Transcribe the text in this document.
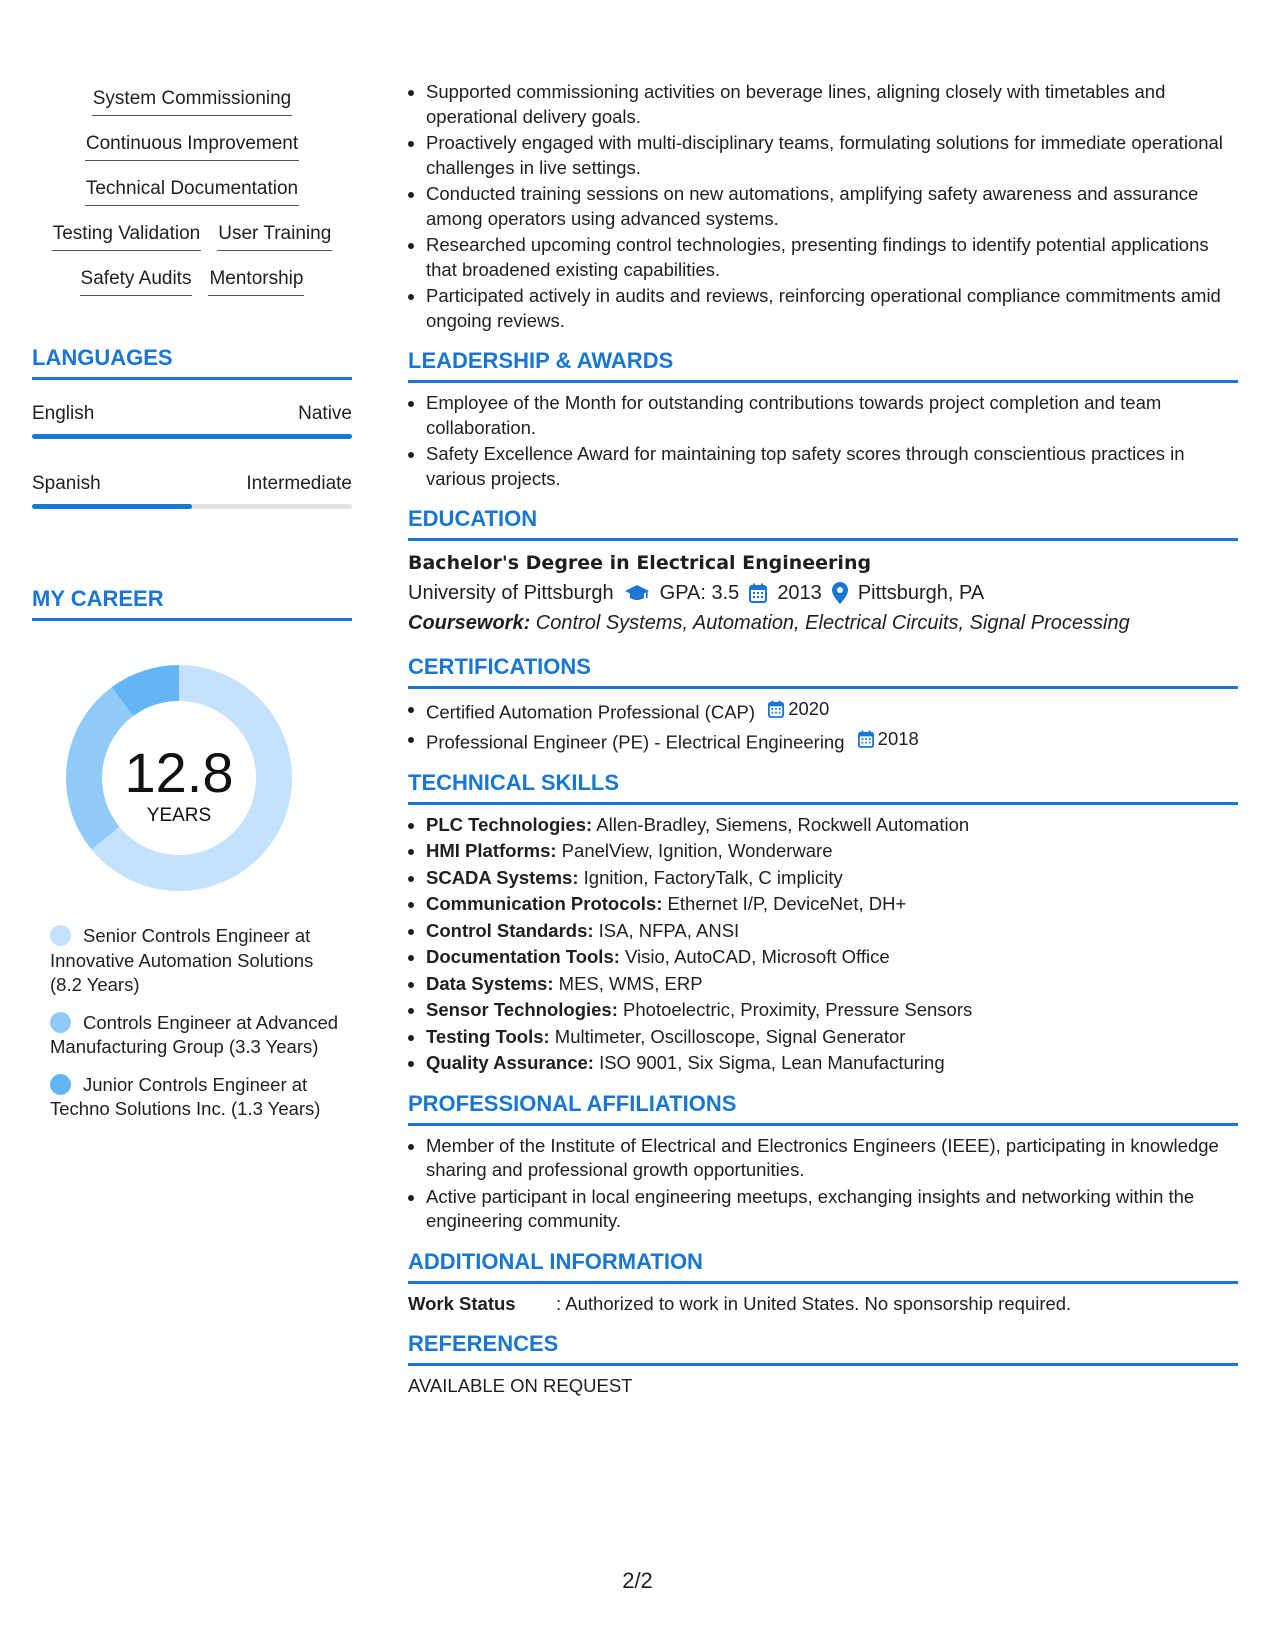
System Commissioning
Continuous Improvement
Technical Documentation
Testing Validation User Training
Safety Audits Mentorship
LANGUAGES
English	Native
Spanish	Intermediate
MY CAREER
12.8
YEARS
Senior Controls Engineer at Innovative Automation Solutions (8.2 Years)
Controls Engineer at Advanced Manufacturing Group (3.3 Years)
Junior Controls Engineer at Techno Solutions Inc. (1.3 Years)
Supported commissioning activities on beverage lines, aligning closely with timetables and operational delivery goals.
Proactively engaged with multi-disciplinary teams, formulating solutions for immediate operational challenges in live settings.
Conducted training sessions on new automations, amplifying safety awareness and assurance among operators using advanced systems.
Researched upcoming control technologies, presenting findings to identify potential applications that broadened existing capabilities.
Participated actively in audits and reviews, reinforcing operational compliance commitments amid ongoing reviews.
LEADERSHIP & AWARDS
Employee of the Month for outstanding contributions towards project completion and team collaboration.
Safety Excellence Award for maintaining top safety scores through conscientious practices in various projects.
EDUCATION
Bachelor's Degree in Electrical Engineering
University of Pittsburgh GPA: 3.5 2013 Pittsburgh, PA
Coursework: Control Systems, Automation, Electrical Circuits, Signal Processing
CERTIFICATIONS
Certified Automation Professional (CAP) 2020
Professional Engineer (PE) - Electrical Engineering 2018
TECHNICAL SKILLS
PLC Technologies: Allen-Bradley, Siemens, Rockwell Automation
HMI Platforms: PanelView, Ignition, Wonderware
SCADA Systems: Ignition, FactoryTalk, C implicity
Communication Protocols: Ethernet I/P, DeviceNet, DH+
Control Standards: ISA, NFPA, ANSI
Documentation Tools: Visio, AutoCAD, Microsoft Office
Data Systems: MES, WMS, ERP
Sensor Technologies: Photoelectric, Proximity, Pressure Sensors
Testing Tools: Multimeter, Oscilloscope, Signal Generator
Quality Assurance: ISO 9001, Six Sigma, Lean Manufacturing
PROFESSIONAL AFFILIATIONS
Member of the Institute of Electrical and Electronics Engineers (IEEE), participating in knowledge sharing and professional growth opportunities.
Active participant in local engineering meetups, exchanging insights and networking within the engineering community.
ADDITIONAL INFORMATION
Work Status	: Authorized to work in United States. No sponsorship required.
REFERENCES
AVAILABLE ON REQUEST
2/2
